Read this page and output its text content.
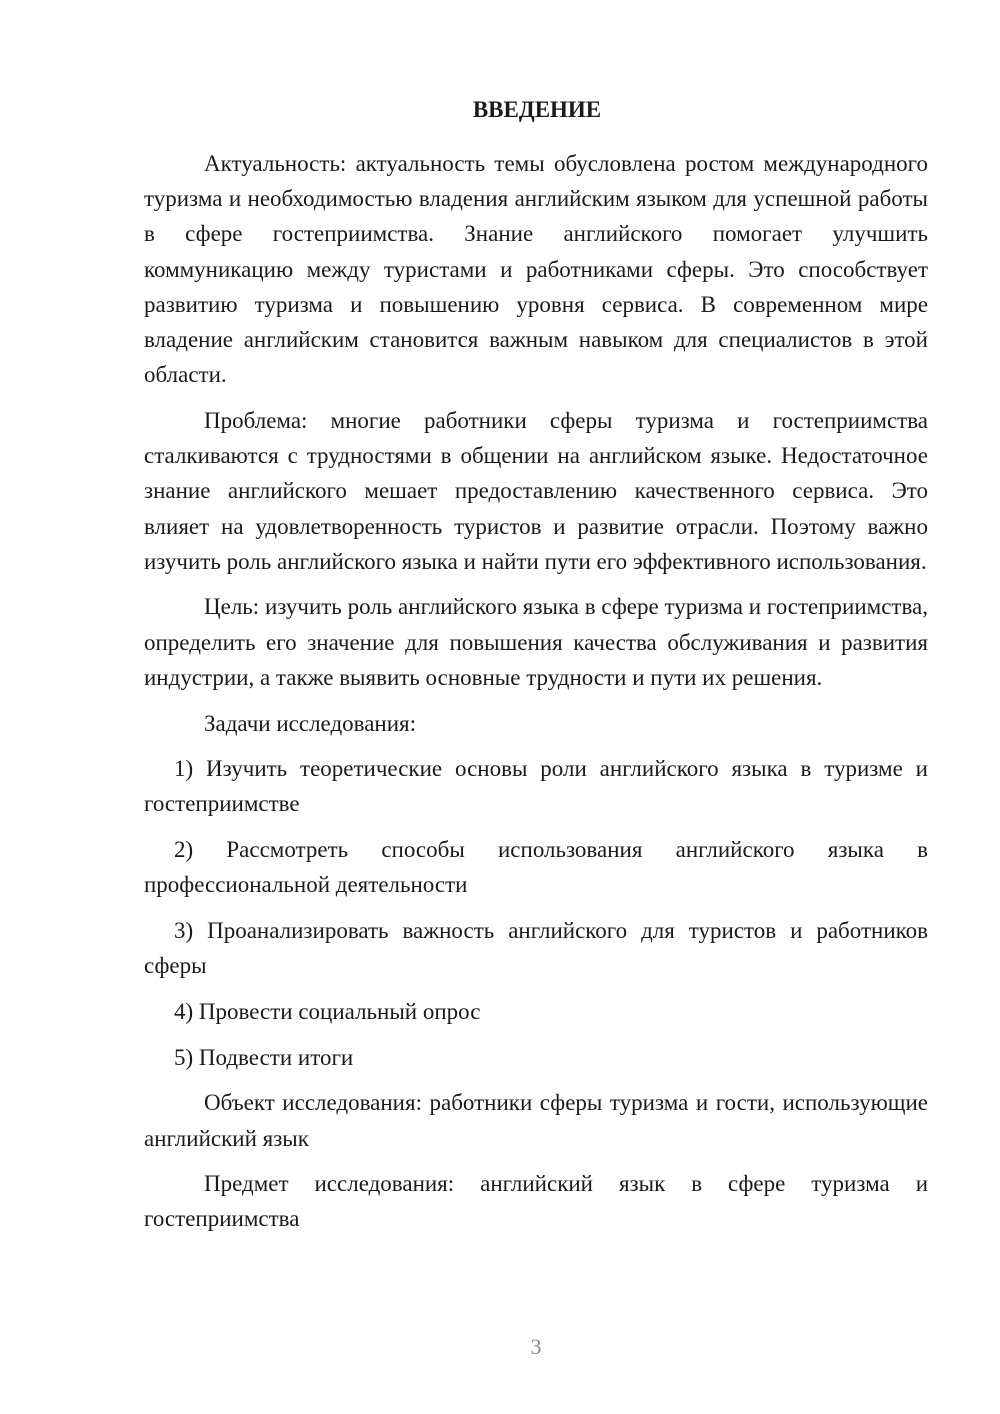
ВВЕДЕНИЕ

Актуальность: актуальность темы обусловлена ростом международного туризма и необходимостью владения английским языком для успешной работы в сфере гостеприимства. Знание английского помогает улучшить коммуникацию между туристами и работниками сферы. Это способствует развитию туризма и повышению уровня сервиса. В современном мире владение английским становится важным навыком для специалистов в этой области.

Проблема: многие работники сферы туризма и гостеприимства сталкиваются с трудностями в общении на английском языке. Недостаточное знание английского мешает предоставлению качественного сервиса. Это влияет на удовлетворенность туристов и развитие отрасли. Поэтому важно изучить роль английского языка и найти пути его эффективного использования.

Цель: изучить роль английского языка в сфере туризма и гостеприимства, определить его значение для повышения качества обслуживания и развития индустрии, а также выявить основные трудности и пути их решения.

Задачи исследования:

1) Изучить теоретические основы роли английского языка в туризме и гостеприимстве

2) Рассмотреть способы использования английского языка в профессиональной деятельности

3) Проанализировать важность английского для туристов и работников сферы

4) Провести социальный опрос

5) Подвести итоги

Объект исследования: работники сферы туризма и гости, использующие английский язык

Предмет исследования: английский язык в сфере туризма и гостеприимства

3
